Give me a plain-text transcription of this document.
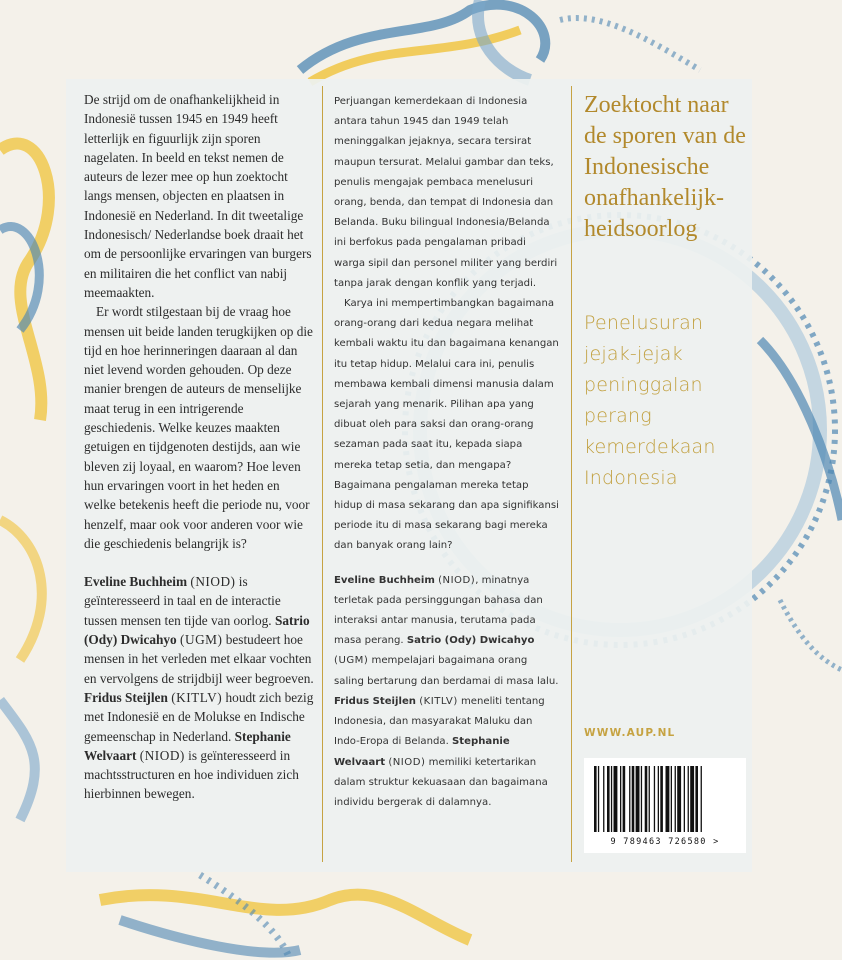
De strijd om de onafhankelijkheid in Indonesië tussen 1945 en 1949 heeft letterlijk en figuurlijk zijn sporen nagelaten. In beeld en tekst nemen de auteurs de lezer mee op hun zoektocht langs mensen, objecten en plaatsen in Indonesië en Nederland. In dit tweetalige Indonesisch/ Nederlandse boek draait het om de persoonlijke ervaringen van burgers en militairen die het conflict van nabij meemaakten.

Er wordt stilgestaan bij de vraag hoe mensen uit beide landen terugkijken op die tijd en hoe herinneringen daaraan al dan niet levend worden gehouden. Op deze manier brengen de auteurs de menselijke maat terug in een intrigerende geschiedenis. Welke keuzes maakten getuigen en tijdgenoten destijds, aan wie bleven zij loyaal, en waarom? Hoe leven hun ervaringen voort in het heden en welke betekenis heeft die periode nu, voor henzelf, maar ook voor anderen voor wie die geschiedenis belangrijk is?

Eveline Buchheim (NIOD) is geïnteresseerd in taal en de interactie tussen mensen ten tijde van oorlog. Satrio (Ody) Dwicahyo (UGM) bestudeert hoe mensen in het verleden met elkaar vochten en vervolgens de strijdbijl weer begroeven. Fridus Steijlen (KITLV) houdt zich bezig met Indonesië en de Molukse en Indische gemeenschap in Nederland. Stephanie Welvaart (NIOD) is geïnteresseerd in machtsstructuren en hoe individuen zich hierbinnen bewegen.

Perjuangan kemerdekaan di Indonesia antara tahun 1945 dan 1949 telah meninggalkan jejaknya, secara tersirat maupun tersurat. Melalui gambar dan teks, penulis mengajak pembaca menelusuri orang, benda, dan tempat di Indonesia dan Belanda. Buku bilingual Indonesia/Belanda ini berfokus pada pengalaman pribadi warga sipil dan personel militer yang berdiri tanpa jarak dengan konflik yang terjadi.

Karya ini mempertimbangkan bagaimana orang-orang dari kedua negara melihat kembali waktu itu dan bagaimana kenangan itu tetap hidup. Melalui cara ini, penulis membawa kembali dimensi manusia dalam sejarah yang menarik. Pilihan apa yang dibuat oleh para saksi dan orang-orang sezaman pada saat itu, kepada siapa mereka tetap setia, dan mengapa? Bagaimana pengalaman mereka tetap hidup di masa sekarang dan apa signifikansi periode itu di masa sekarang bagi mereka dan banyak orang lain?

Eveline Buchheim (NIOD), minatnya terletak pada persinggungan bahasa dan interaksi antar manusia, terutama pada masa perang. Satrio (Ody) Dwicahyo (UGM) mempelajari bagaimana orang saling bertarung dan berdamai di masa lalu. Fridus Steijlen (KITLV) meneliti tentang Indonesia, dan masyarakat Maluku dan Indo-Eropa di Belanda. Stephanie Welvaart (NIOD) memiliki ketertarikan dalam struktur kekuasaan dan bagaimana individu bergerak di dalamnya.

Zoektocht naar de sporen van de Indonesische onafhankelijk-heidsoorlog
Penelusuran jejak-jejak peninggalan perang kemerdekaan Indonesia
WWW.AUP.NL
9 789463 726580 >
